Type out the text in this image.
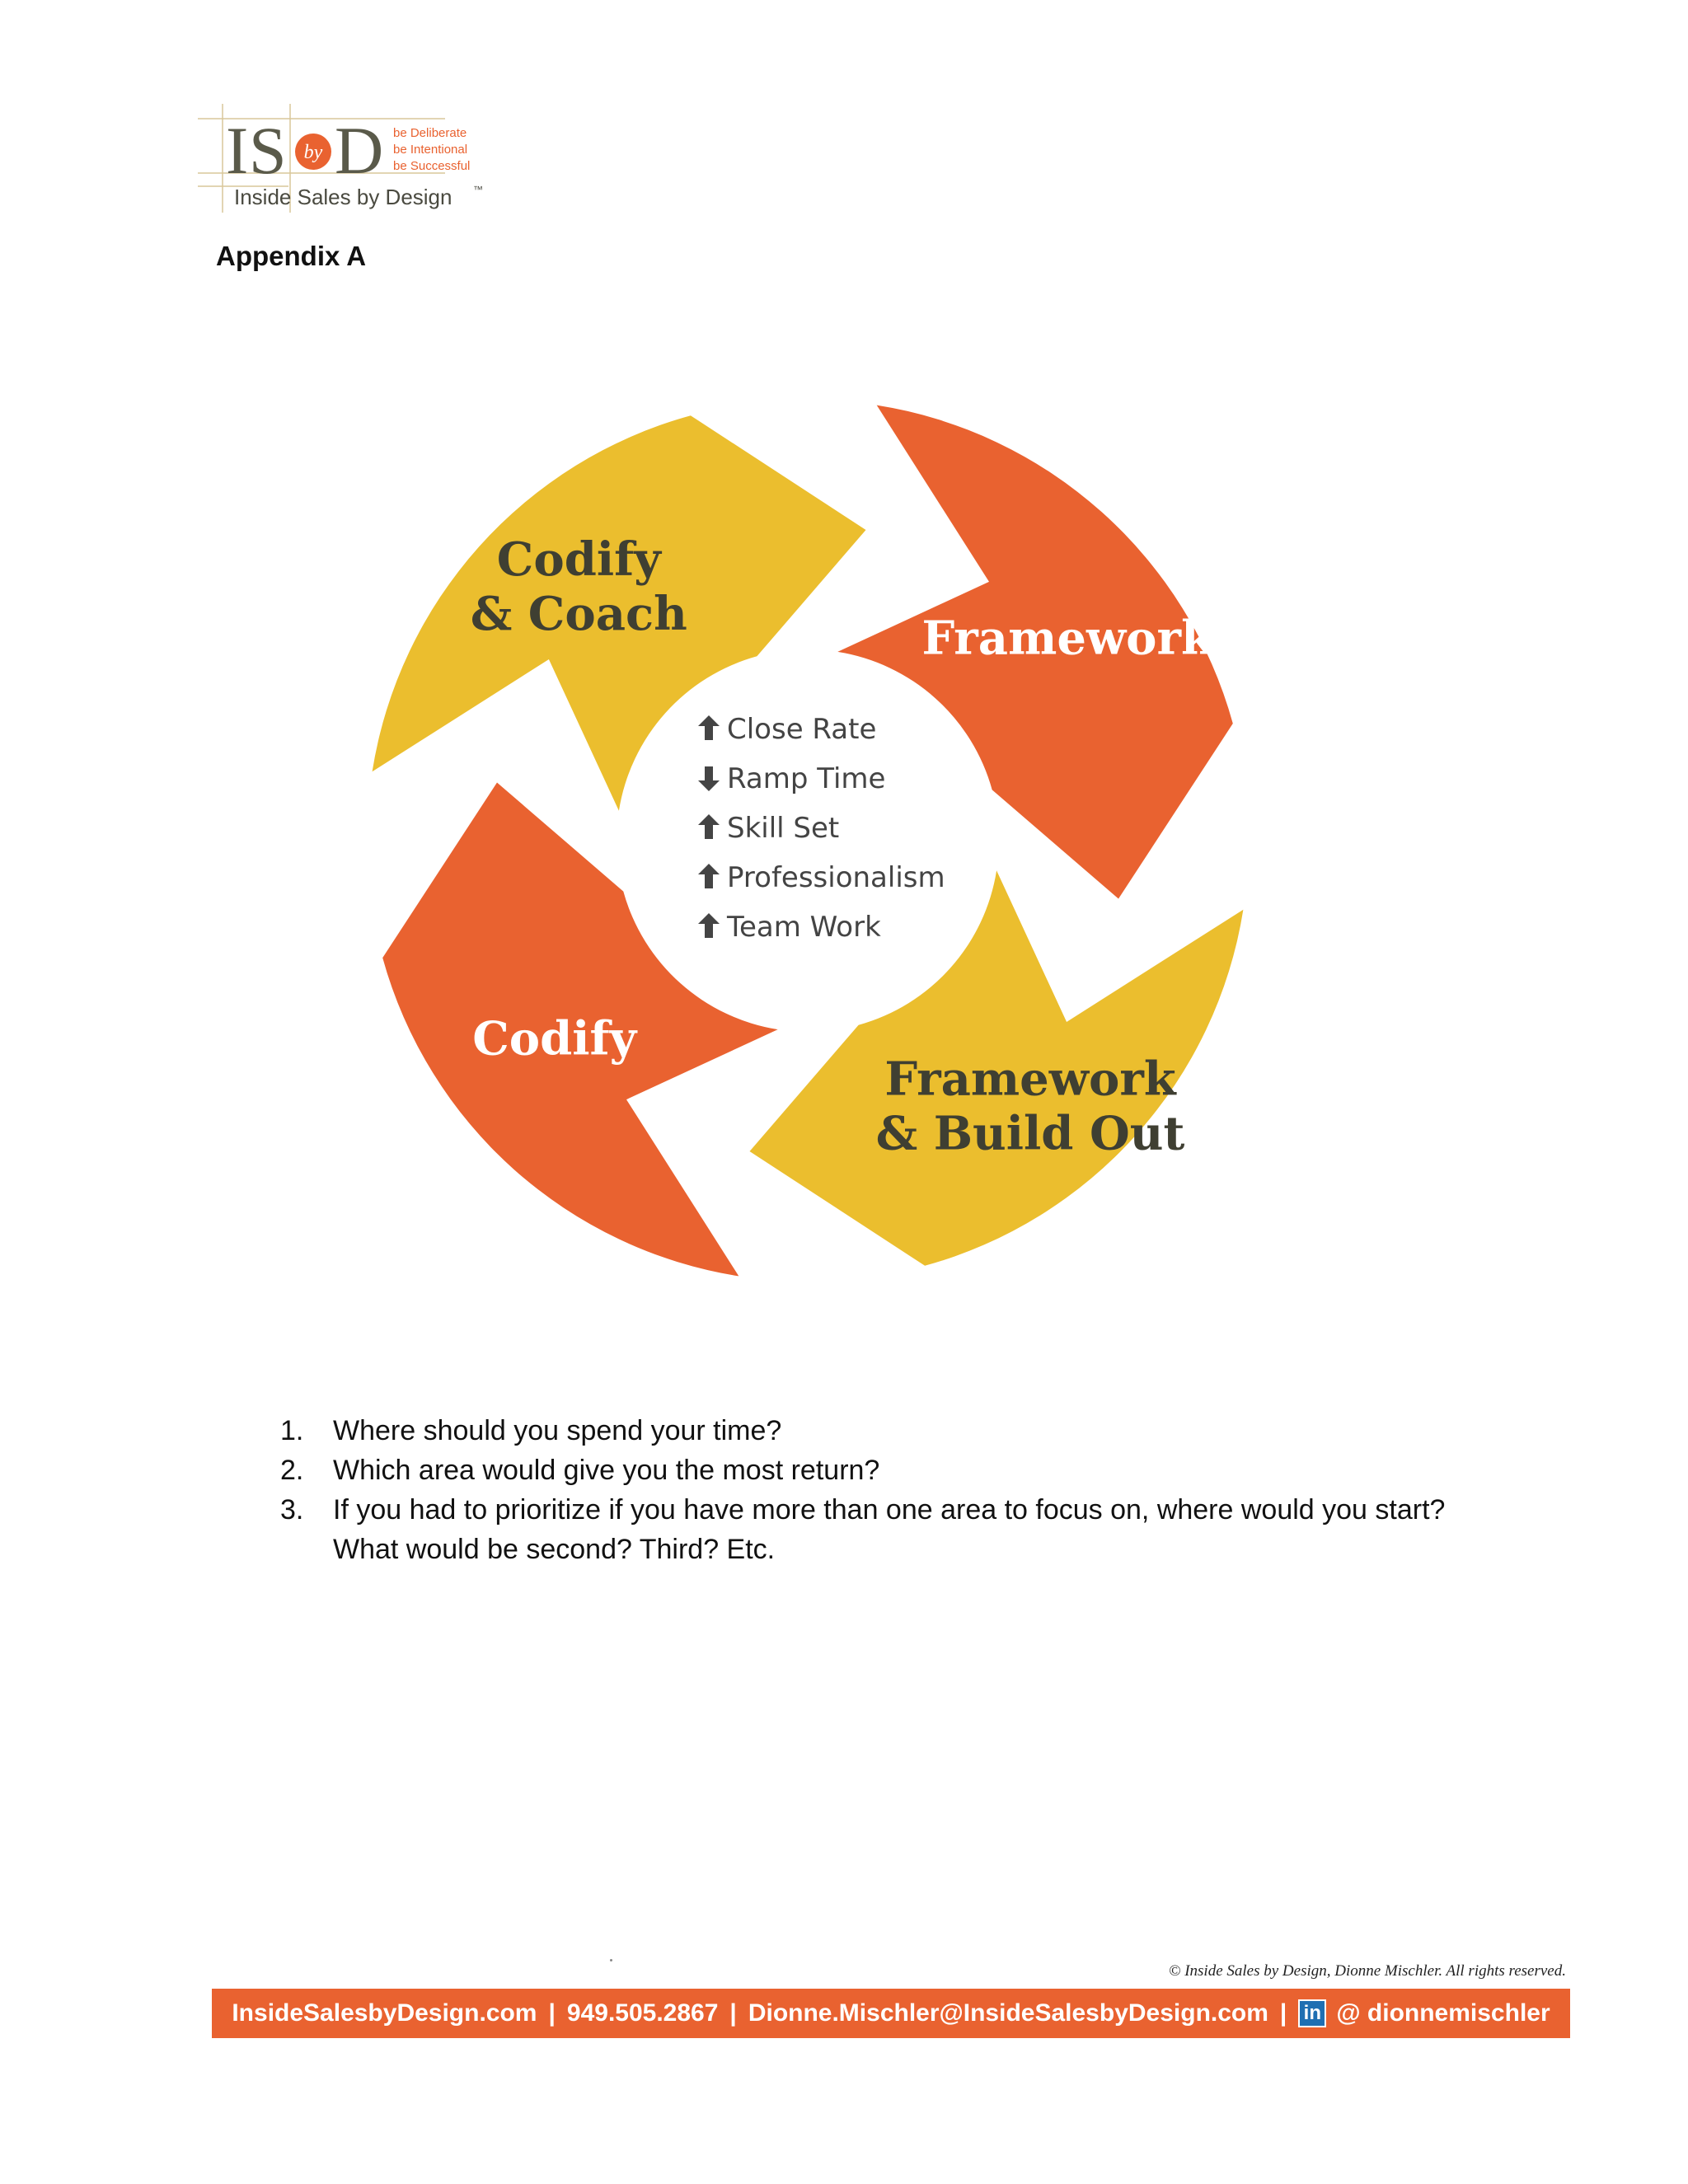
I S by D be Deliberate
be Intentional
be Successful
Inside Sales by Design ™
Appendix A
Framework
Framework & Build Out
Codify
Codify & Coach
Close Rate
Ramp Time
Skill Set
Professionalism
Team Work
1.	Where should you spend your time?
2.	Which area would give you the most return?
3.	If you had to prioritize if you have more than one area to focus on, where would you start? What would be second? Third? Etc.
© Inside Sales by Design, Dionne Mischler. All rights reserved.
InsideSalesbyDesign.com | 949.505.2867 | Dionne.Mischler@InsideSalesbyDesign.com | in @ dionnemischler
